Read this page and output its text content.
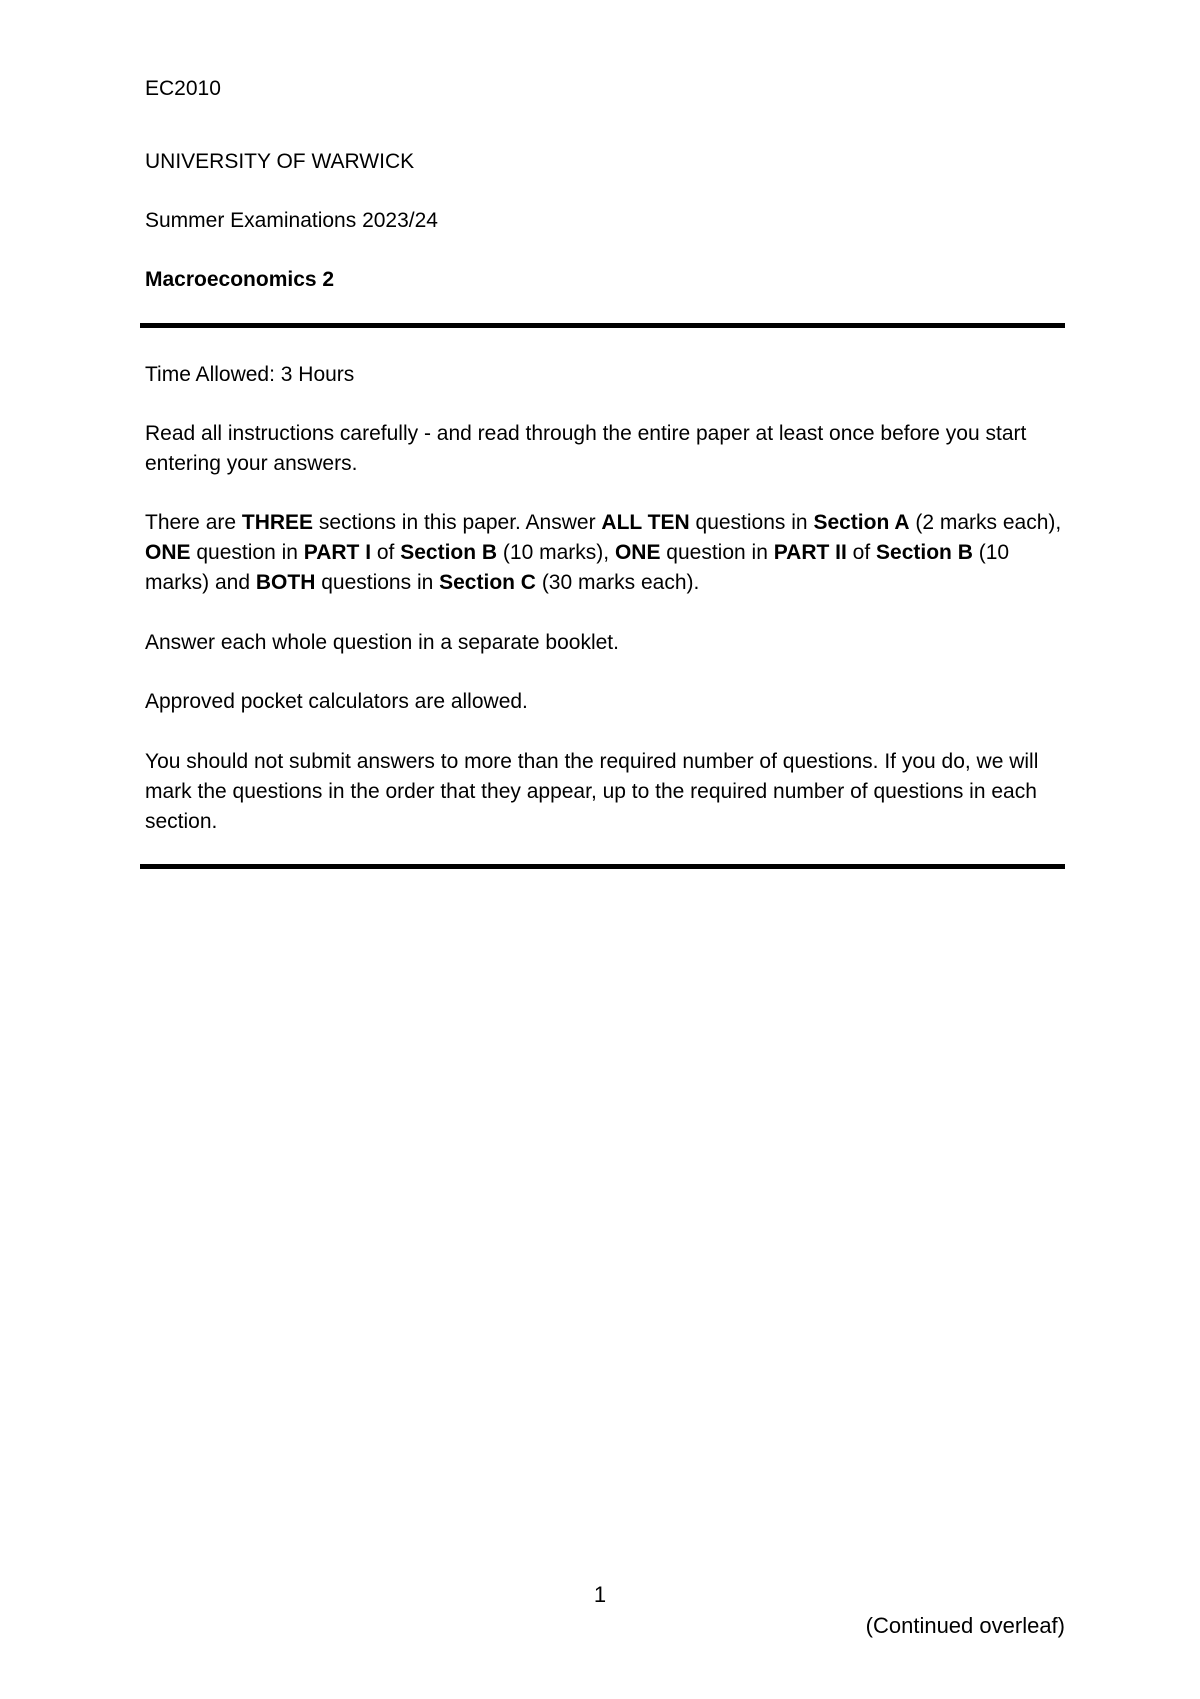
EC2010

UNIVERSITY OF WARWICK

Summer Examinations 2023/24

Macroeconomics 2

Time Allowed: 3 Hours

Read all instructions carefully - and read through the entire paper at least once before you start entering your answers.

There are THREE sections in this paper. Answer ALL TEN questions in Section A (2 marks each), ONE question in PART I of Section B (10 marks), ONE question in PART II of Section B (10 marks) and BOTH questions in Section C (30 marks each).

Answer each whole question in a separate booklet.

Approved pocket calculators are allowed.

You should not submit answers to more than the required number of questions. If you do, we will mark the questions in the order that they appear, up to the required number of questions in each section.

1
(Continued overleaf)
